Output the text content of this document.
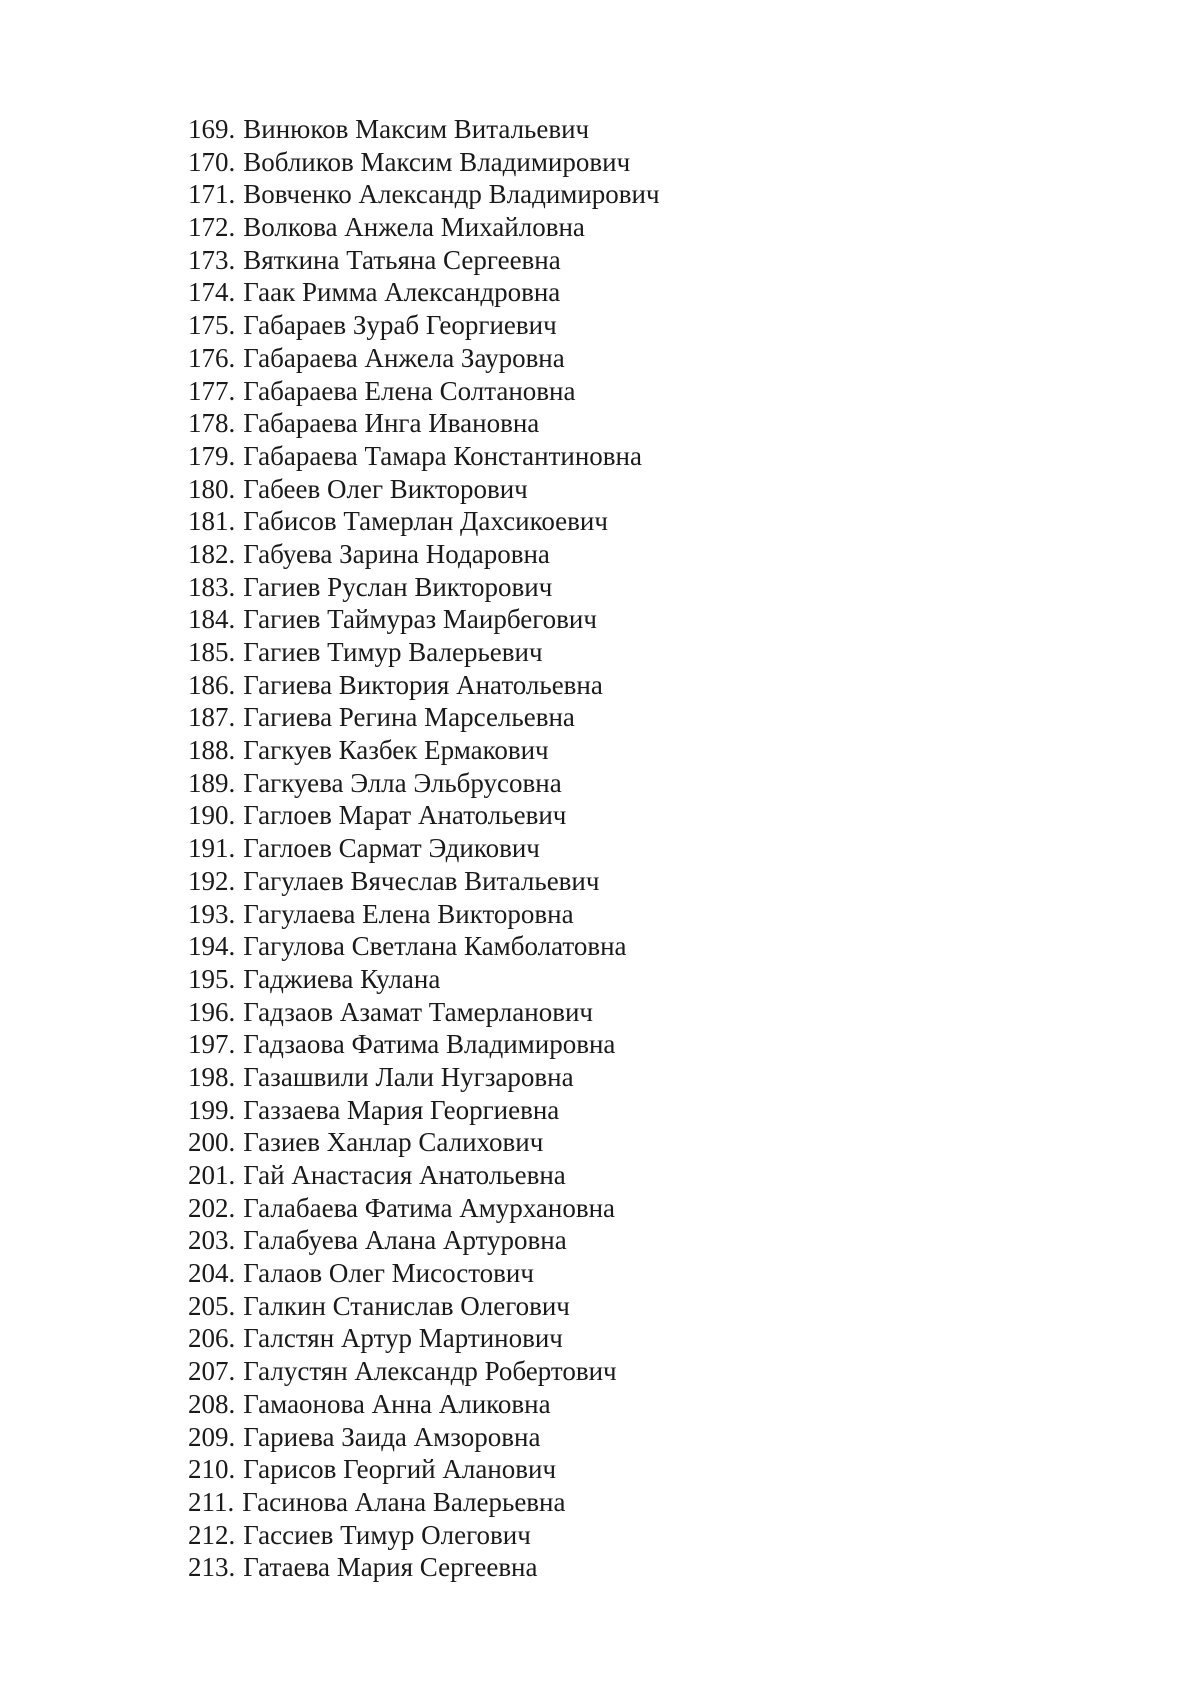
169. Винюков Максим Витальевич
170. Вобликов Максим Владимирович
171. Вовченко Александр Владимирович
172. Волкова Анжела Михайловна
173. Вяткина Татьяна Сергеевна
174. Гаак Римма Александровна
175. Габараев Зураб Георгиевич
176. Габараева Анжела Зауровна
177. Габараева Елена Солтановна
178. Габараева Инга Ивановна
179. Габараева Тамара Константиновна
180. Габеев Олег Викторович
181. Габисов Тамерлан Дахсикоевич
182. Габуева Зарина Нодаровна
183. Гагиев Руслан Викторович
184. Гагиев Таймураз Маирбегович
185. Гагиев Тимур Валерьевич
186. Гагиева Виктория Анатольевна
187. Гагиева Регина Марсельевна
188. Гагкуев Казбек Ермакович
189. Гагкуева Элла Эльбрусовна
190. Гаглоев Марат Анатольевич
191. Гаглоев Сармат Эдикович
192. Гагулаев Вячеслав Витальевич
193. Гагулаева Елена Викторовна
194. Гагулова Светлана Камболатовна
195. Гаджиева Кулана
196. Гадзаов Азамат Тамерланович
197. Гадзаова Фатима Владимировна
198. Газашвили Лали Нугзаровна
199. Газзаева Мария Георгиевна
200. Газиев Ханлар Салихович
201. Гай Анастасия Анатольевна
202. Галабаева Фатима Амурхановна
203. Галабуева Алана Артуровна
204. Галаов Олег Мисостович
205. Галкин Станислав Олегович
206. Галстян Артур Мартинович
207. Галустян Александр Робертович
208. Гамаонова Анна Аликовна
209. Гариева Заида Амзоровна
210. Гарисов Георгий Аланович
211. Гасинова Алана Валерьевна
212. Гассиев Тимур Олегович
213. Гатаева Мария Сергеевна
